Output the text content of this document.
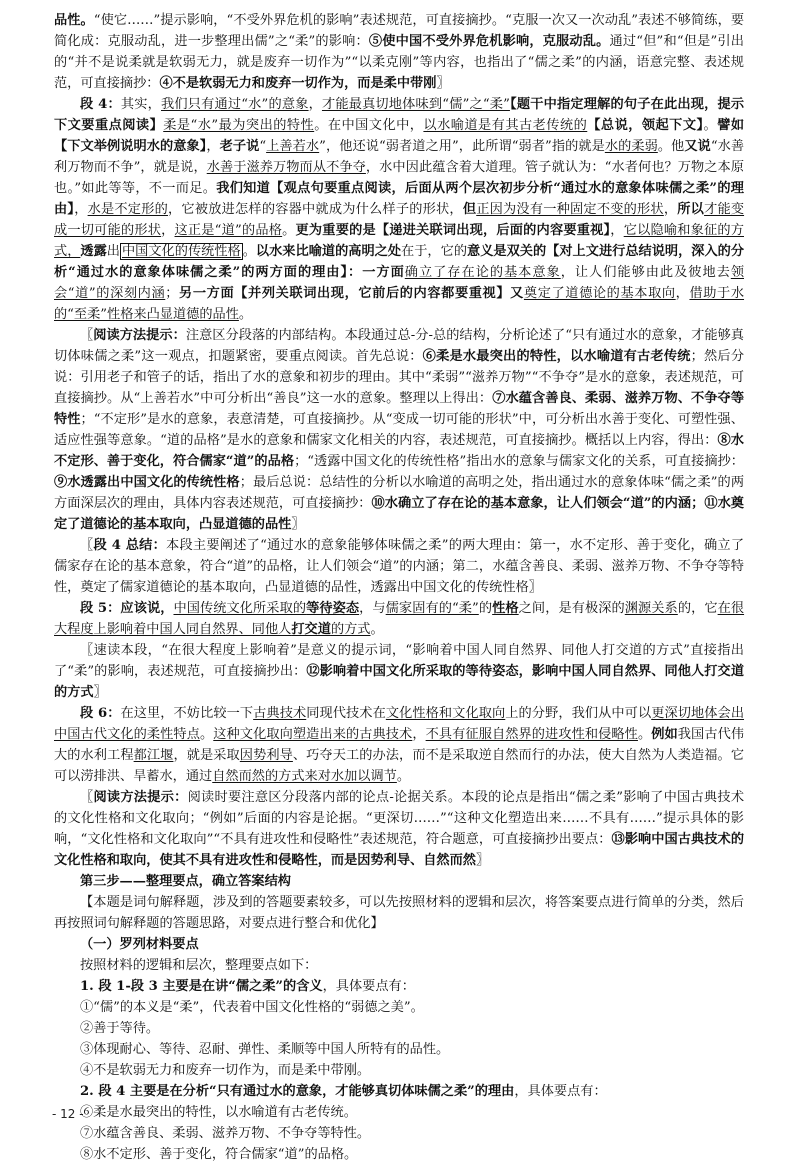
品性。“使它……”提示影响，“不受外界危机的影响”表述规范，可直接摘抄。“克服一次又一次动乱”表述不够简练，要简化成：克服动乱，进一步整理出儒”之“柔”的影响：⑤使中国不受外界危机影响，克服动乱。通过“但”和“但是”引出的“并不是说柔就是软弱无力，就是废弃一切作为”“以柔克刚”等内容，也指出了“儒之柔”的内涵，语意完整、表述规范，可直接摘抄：④不是软弱无力和废弃一切作为，而是柔中带刚〗

段 4：其实，我们只有通过“水”的意象，才能最真切地体味到“儒”之“柔”【题干中指定理解的句子在此出现，提示下文要重点阅读】柔是“水”最为突出的特性。在中国文化中，以水喻道是有其古老传统的【总说，领起下文】。譬如【下文举例说明水的意象】，老子说“上善若水”，他还说“弱者道之用”，此所谓“弱者”指的就是水的柔弱。他又说“水善利万物而不争”，就是说，水善于滋养万物而从不争夺，水中因此蕴含着大道理。管子就认为：“水者何也？万物之本原也。”如此等等，不一而足。我们知道【观点句要重点阅读，后面从两个层次初步分析“通过水的意象体味儒之柔”的理由】，水是不定形的，它被放进怎样的容器中就成为什么样子的形状，但正因为没有一种固定不变的形状，所以才能变成一切可能的形状，这正是“道”的品格。更为重要的是【递进关联词出现，后面的内容要重视】，它以隐喻和象征的方式，透露出 中国文化的传统性格 。以水来比喻道的高明之处在于，它的意义是双关的【对上文进行总结说明，深入的分析“通过水的意象体味儒之柔”的两方面的理由】：一方面确立了存在论的基本意象，让人们能够由此及彼地去领会“道”的深刻内涵；另一方面【并列关联词出现，它前后的内容都要重视】又奠定了道德论的基本取向，借助于水的“至柔”性格来凸显道德的品性。

〖阅读方法提示：注意区分段落的内部结构。本段通过总-分-总的结构，分析论述了“只有通过水的意象，才能够真切体味儒之柔”这一观点，扣题紧密，要重点阅读。首先总说：⑥柔是水最突出的特性，以水喻道有古老传统；然后分说：引用老子和管子的话，指出了水的意象和初步的理由。其中“柔弱”“滋养万物”“不争夺”是水的意象，表述规范，可直接摘抄。从“上善若水”中可分析出“善良”这一水的意象。整理以上得出：⑦水蕴含善良、柔弱、滋养万物、不争夺等特性；“不定形”是水的意象，表意清楚，可直接摘抄。从“变成一切可能的形状”中，可分析出水善于变化、可塑性强、适应性强等意象。“道的品格”是水的意象和儒家文化相关的内容，表述规范，可直接摘抄。概括以上内容，得出：⑧水不定形、善于变化，符合儒家“道”的品格；“透露中国文化的传统性格”指出水的意象与儒家文化的关系，可直接摘抄：⑨水透露出中国文化的传统性格；最后总说：总结性的分析以水喻道的高明之处，指出通过水的意象体味“儒之柔”的两方面深层次的理由，具体内容表述规范，可直接摘抄：⑩水确立了存在论的基本意象，让人们领会“道”的内涵；⑪水奠定了道德论的基本取向，凸显道德的品性〗

〖段 4 总结：本段主要阐述了“通过水的意象能够体味儒之柔”的两大理由：第一，水不定形、善于变化，确立了儒家存在论的基本意象，符合“道”的品格，让人们领会“道”的内涵；第二，水蕴含善良、柔弱、滋养万物、不争夺等特性，奠定了儒家道德论的基本取向，凸显道德的品性，透露出中国文化的传统性格〗

段 5：应该说，中国传统文化所采取的等待姿态，与儒家固有的“柔”的性格之间，是有极深的渊源关系的，它在很大程度上影响着中国人同自然界、同他人打交道的方式。

〖速读本段，“在很大程度上影响着”是意义的提示词，“影响着中国人同自然界、同他人打交道的方式”直接指出了“柔”的影响，表述规范，可直接摘抄出：⑫影响着中国文化所采取的等待姿态，影响中国人同自然界、同他人打交道的方式〗

段 6：在这里，不妨比较一下古典技术同现代技术在文化性格和文化取向上的分野，我们从中可以更深切地体会出中国古代文化的柔性特点。这种文化取向塑造出来的古典技术，不具有征服自然界的进攻性和侵略性。例如我国古代伟大的水利工程都江堰，就是采取因势利导、巧夺天工的办法，而不是采取逆自然而行的办法，使大自然为人类造福。它可以涝排洪、旱蓄水，通过自然而然的方式来对水加以调节。

〖阅读方法提示：阅读时要注意区分段落内部的论点-论据关系。本段的论点是指出“儒之柔”影响了中国古典技术的文化性格和文化取向；“例如”后面的内容是论据。“更深切……”“这种文化塑造出来……不具有……”提示具体的影响，“文化性格和文化取向”“不具有进攻性和侵略性”表述规范，符合题意，可直接摘抄出要点：⑬影响中国古典技术的文化性格和取向，使其不具有进攻性和侵略性，而是因势利导、自然而然〗

第三步——整理要点，确立答案结构

【本题是词句解释题，涉及到的答题要素较多，可以先按照材料的逻辑和层次，将答案要点进行简单的分类，然后再按照词句解释题的答题思路，对要点进行整合和优化】

（一）罗列材料要点

按照材料的逻辑和层次，整理要点如下：

1. 段 1-段 3 主要是在讲“儒之柔”的含义，具体要点有：

①“儒”的本义是“柔”，代表着中国文化性格的“弱德之美”。

②善于等待。

③体现耐心、等待、忍耐、弹性、柔顺等中国人所特有的品性。

④不是软弱无力和废弃一切作为，而是柔中带刚。

2. 段 4 主要是在分析“只有通过水的意象，才能够真切体味儒之柔”的理由，具体要点有：

⑥柔是水最突出的特性，以水喻道有古老传统。

⑦水蕴含善良、柔弱、滋养万物、不争夺等特性。

⑧水不定形、善于变化，符合儒家“道”的品格。

- 12 -
